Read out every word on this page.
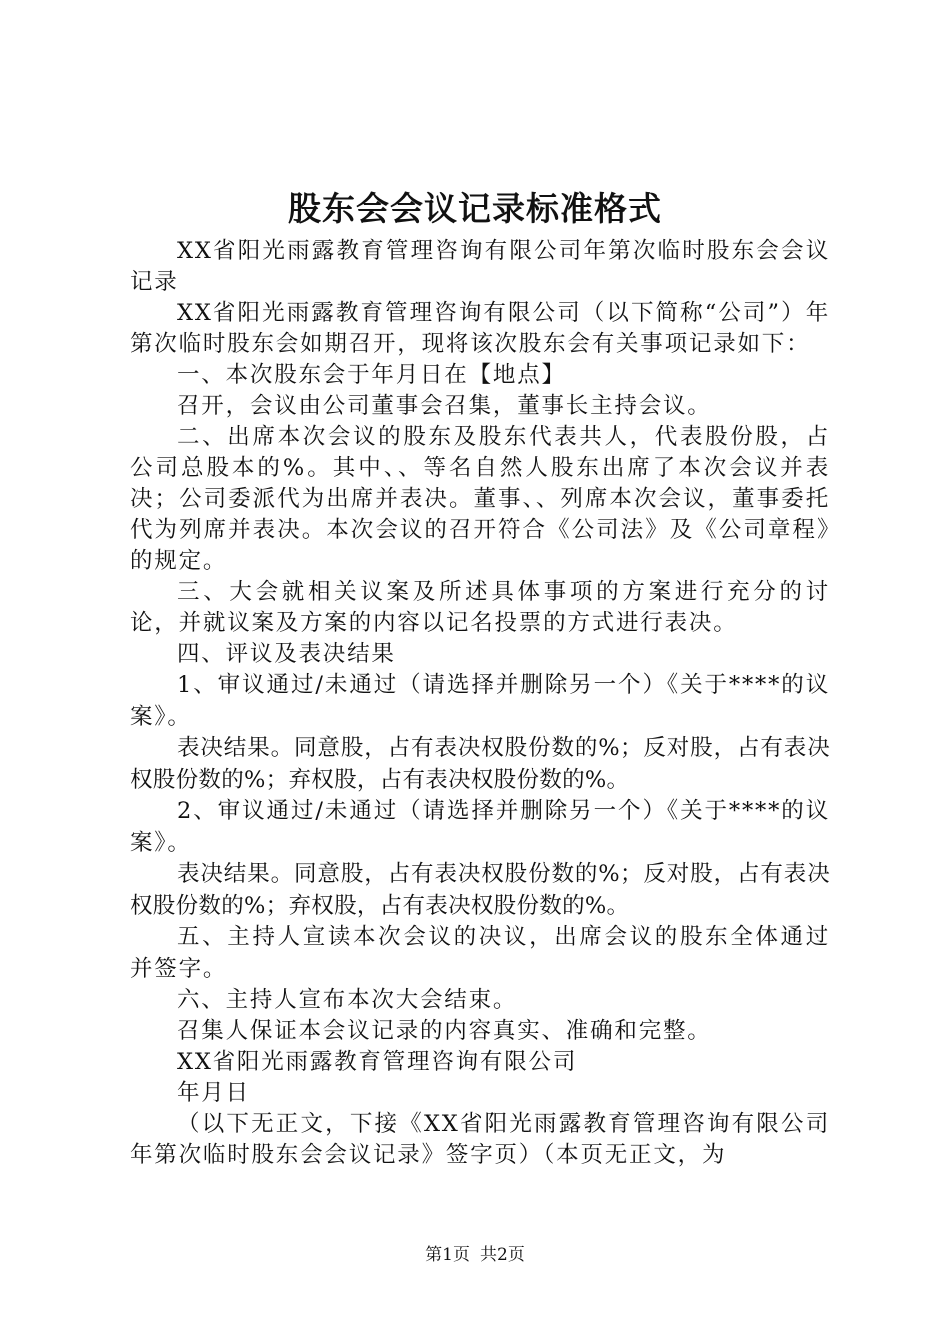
股东会会议记录标准格式

XX省阳光雨露教育管理咨询有限公司年第次临时股东会会议记录

XX省阳光雨露教育管理咨询有限公司（以下简称“公司”）年第次临时股东会如期召开，现将该次股东会有关事项记录如下：

一、本次股东会于年月日在【地点】

召开，会议由公司董事会召集，董事长主持会议。

二、出席本次会议的股东及股东代表共人，代表股份股，占公司总股本的%。其中、、等名自然人股东出席了本次会议并表决；公司委派代为出席并表决。董事、、列席本次会议，董事委托代为列席并表决。本次会议的召开符合《公司法》及《公司章程》的规定。

三、大会就相关议案及所述具体事项的方案进行充分的讨论，并就议案及方案的内容以记名投票的方式进行表决。

四、评议及表决结果

1、审议通过/未通过（请选择并删除另一个）《关于****的议案》。

表决结果。同意股，占有表决权股份数的%；反对股，占有表决权股份数的%；弃权股，占有表决权股份数的%。

2、审议通过/未通过（请选择并删除另一个）《关于****的议案》。

表决结果。同意股，占有表决权股份数的%；反对股，占有表决权股份数的%；弃权股，占有表决权股份数的%。

五、主持人宣读本次会议的决议，出席会议的股东全体通过并签字。

六、主持人宣布本次大会结束。

召集人保证本会议记录的内容真实、准确和完整。

XX省阳光雨露教育管理咨询有限公司

年月日

（以下无正文，下接《XX省阳光雨露教育管理咨询有限公司年第次临时股东会会议记录》签字页）（本页无正文，为

第1页 共2页
